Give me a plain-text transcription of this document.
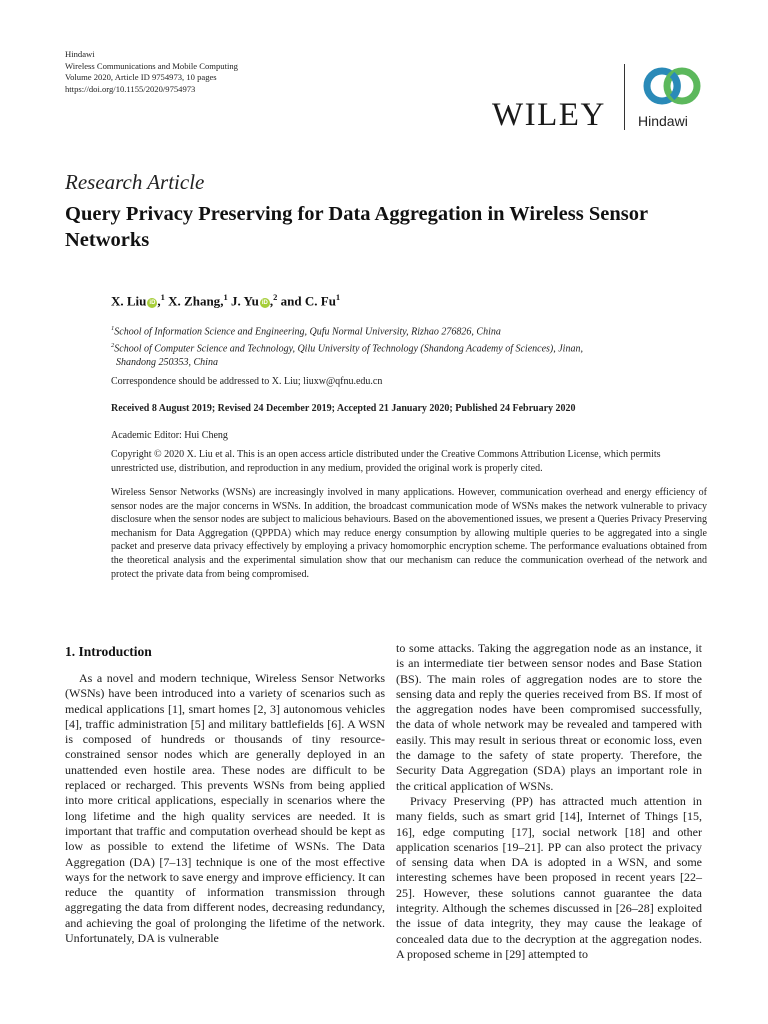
Hindawi
Wireless Communications and Mobile Computing
Volume 2020, Article ID 9754973, 10 pages
https://doi.org/10.1155/2020/9754973
WILEY Hindawi
Research Article
Query Privacy Preserving for Data Aggregation in Wireless Sensor Networks
X. Liu iD ,$^1$ X. Zhang,$^1$ J. Yu iD ,$^2$ and C. Fu$^1$
$^1$School of Information Science and Engineering, Qufu Normal University, Rizhao 276826, China
$^2$School of Computer Science and Technology, Qilu University of Technology (Shandong Academy of Sciences), Jinan,
Shandong 250353, China
Correspondence should be addressed to X. Liu; liuxw@qfnu.edu.cn
Received 8 August 2019; Revised 24 December 2019; Accepted 21 January 2020; Published 24 February 2020
Academic Editor: Hui Cheng
Copyright © 2020 X. Liu et al. This is an open access article distributed under the Creative Commons Attribution License, which permits unrestricted use, distribution, and reproduction in any medium, provided the original work is properly cited.
Wireless Sensor Networks (WSNs) are increasingly involved in many applications. However, communication overhead and energy efficiency of sensor nodes are the major concerns in WSNs. In addition, the broadcast communication mode of WSNs makes the network vulnerable to privacy disclosure when the sensor nodes are subject to malicious behaviours. Based on the abovementioned issues, we present a Queries Privacy Preserving mechanism for Data Aggregation (QPPDA) which may reduce energy consumption by allowing multiple queries to be aggregated into a single packet and preserve data privacy effectively by employing a privacy homomorphic encryption scheme. The performance evaluations obtained from the theoretical analysis and the experimental simulation show that our mechanism can reduce the communication overhead of the network and protect the private data from being compromised.
1. Introduction

As a novel and modern technique, Wireless Sensor Networks (WSNs) have been introduced into a variety of scenarios such as medical applications [1], smart homes [2, 3] autonomous vehicles [4], traffic administration [5] and military battlefields [6]. A WSN is composed of hundreds or thousands of tiny resource-constrained sensor nodes which are generally deployed in an unattended even hostile area. These nodes are difficult to be replaced or recharged. This prevents WSNs from being applied into more critical applications, especially in scenarios where the long lifetime and the high quality services are needed. It is important that traffic and computation overhead should be kept as low as possible to extend the lifetime of WSNs. The Data Aggregation (DA) [7–13] technique is one of the most effective ways for the network to save energy and improve efficiency. It can reduce the quantity of information transmission through aggregating the data from different nodes, decreasing redundancy, and achieving the goal of prolonging the lifetime of the network. Unfortunately, DA is vulnerable

to some attacks. Taking the aggregation node as an instance, it is an intermediate tier between sensor nodes and Base Station (BS). The main roles of aggregation nodes are to store the sensing data and reply the queries received from BS. If most of the aggregation nodes have been compromised successfully, the data of whole network may be revealed and tampered with easily. This may result in serious threat or economic loss, even the damage to the safety of state property. Therefore, the Security Data Aggregation (SDA) plays an important role in the critical application of WSNs.

Privacy Preserving (PP) has attracted much attention in many fields, such as smart grid [14], Internet of Things [15, 16], edge computing [17], social network [18] and other application scenarios [19–21]. PP can also protect the privacy of sensing data when DA is adopted in a WSN, and some interesting schemes have been proposed in recent years [22–25]. However, these solutions cannot guarantee the data integrity. Although the schemes discussed in [26–28] exploited the issue of data integrity, they may cause the leakage of concealed data due to the decryption at the aggregation nodes. A proposed scheme in [29] attempted to
